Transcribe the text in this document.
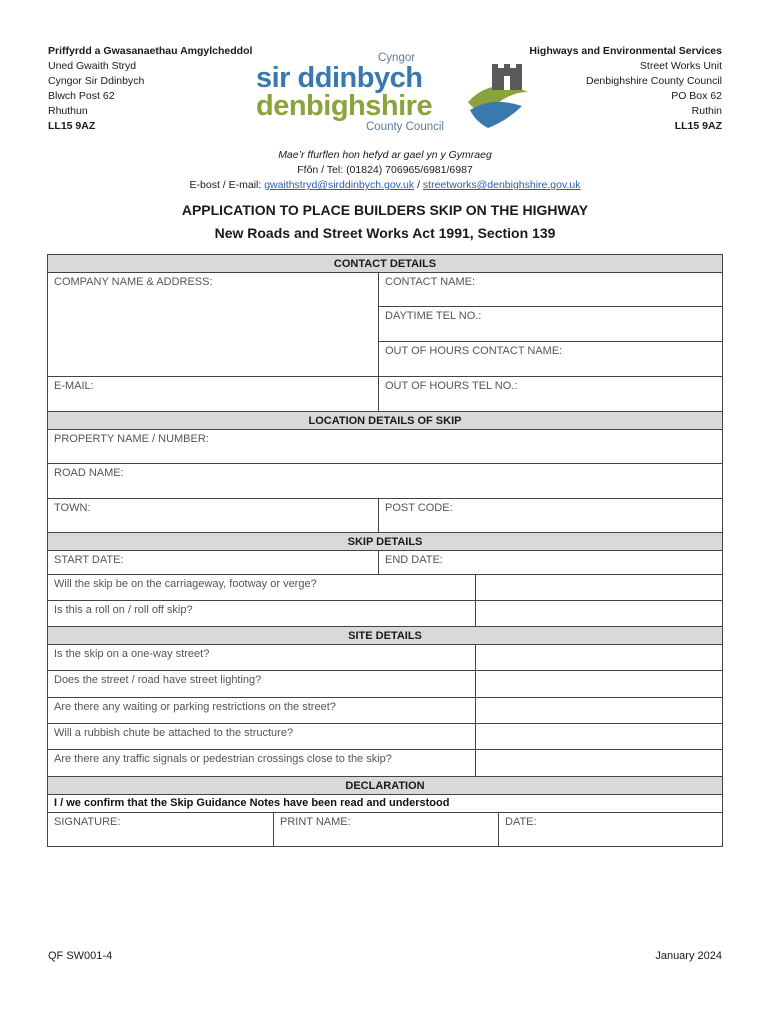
Priffyrdd a Gwasanaethau Amgylcheddol
Uned Gwaith Stryd
Cyngor Sir Ddinbych
Blwch Post 62
Rhuthun
LL15 9AZ
Cyngor
sir ddinbych
denbighshire
County Council
Highways and Environmental Services
Street Works Unit
Denbighshire County Council
PO Box 62
Ruthin
LL15 9AZ
Mae’r ffurflen hon hefyd ar gael yn y Gymraeg
Ffôn / Tel: (01824) 706965/6981/6987
E-bost / E-mail: gwaithstryd@sirddinbych.gov.uk / streetworks@denbighshire.gov.uk
APPLICATION TO PLACE BUILDERS SKIP ON THE HIGHWAY
New Roads and Street Works Act 1991, Section 139
CONTACT DETAILS
COMPANY NAME & ADDRESS:	CONTACT NAME:
DAYTIME TEL NO.:
OUT OF HOURS CONTACT NAME:
E-MAIL:	OUT OF HOURS TEL NO.:
LOCATION DETAILS OF SKIP
PROPERTY NAME / NUMBER:
ROAD NAME:
TOWN:	POST CODE:
SKIP DETAILS
START DATE:	END DATE:
Will the skip be on the carriageway, footway or verge?
Is this a roll on / roll off skip?
SITE DETAILS
Is the skip on a one-way street?
Does the street / road have street lighting?
Are there any waiting or parking restrictions on the street?
Will a rubbish chute be attached to the structure?
Are there any traffic signals or pedestrian crossings close to the skip?
DECLARATION
I / we confirm that the Skip Guidance Notes have been read and understood
SIGNATURE:	PRINT NAME:	DATE:
QF SW001-4	January 2024
